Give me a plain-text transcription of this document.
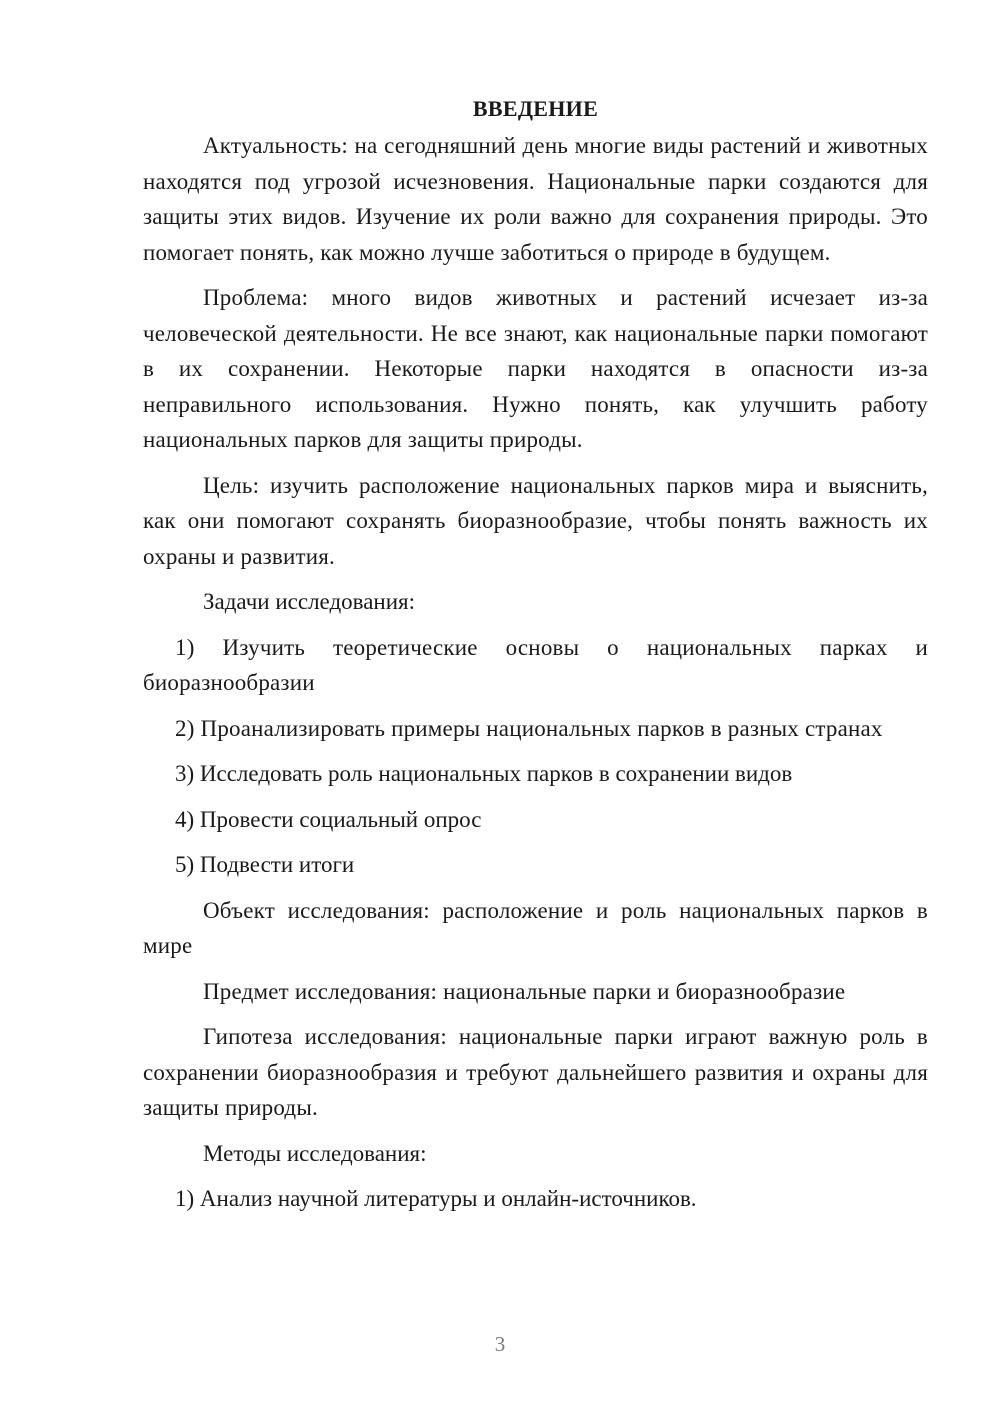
ВВЕДЕНИЕ

Актуальность: на сегодняшний день многие виды растений и животных находятся под угрозой исчезновения. Национальные парки создаются для защиты этих видов. Изучение их роли важно для сохранения природы. Это помогает понять, как можно лучше заботиться о природе в будущем.

Проблема: много видов животных и растений исчезает из-за человеческой деятельности. Не все знают, как национальные парки помогают в их сохранении. Некоторые парки находятся в опасности из-за неправильного использования. Нужно понять, как улучшить работу национальных парков для защиты природы.

Цель: изучить расположение национальных парков мира и выяснить, как они помогают сохранять биоразнообразие, чтобы понять важность их охраны и развития.

Задачи исследования:

1) Изучить теоретические основы о национальных парках и биоразнообразии

2) Проанализировать примеры национальных парков в разных странах

3) Исследовать роль национальных парков в сохранении видов

4) Провести социальный опрос

5) Подвести итоги

Объект исследования: расположение и роль национальных парков в мире

Предмет исследования: национальные парки и биоразнообразие

Гипотеза исследования: национальные парки играют важную роль в сохранении биоразнообразия и требуют дальнейшего развития и охраны для защиты природы.

Методы исследования:

1) Анализ научной литературы и онлайн-источников.

3
